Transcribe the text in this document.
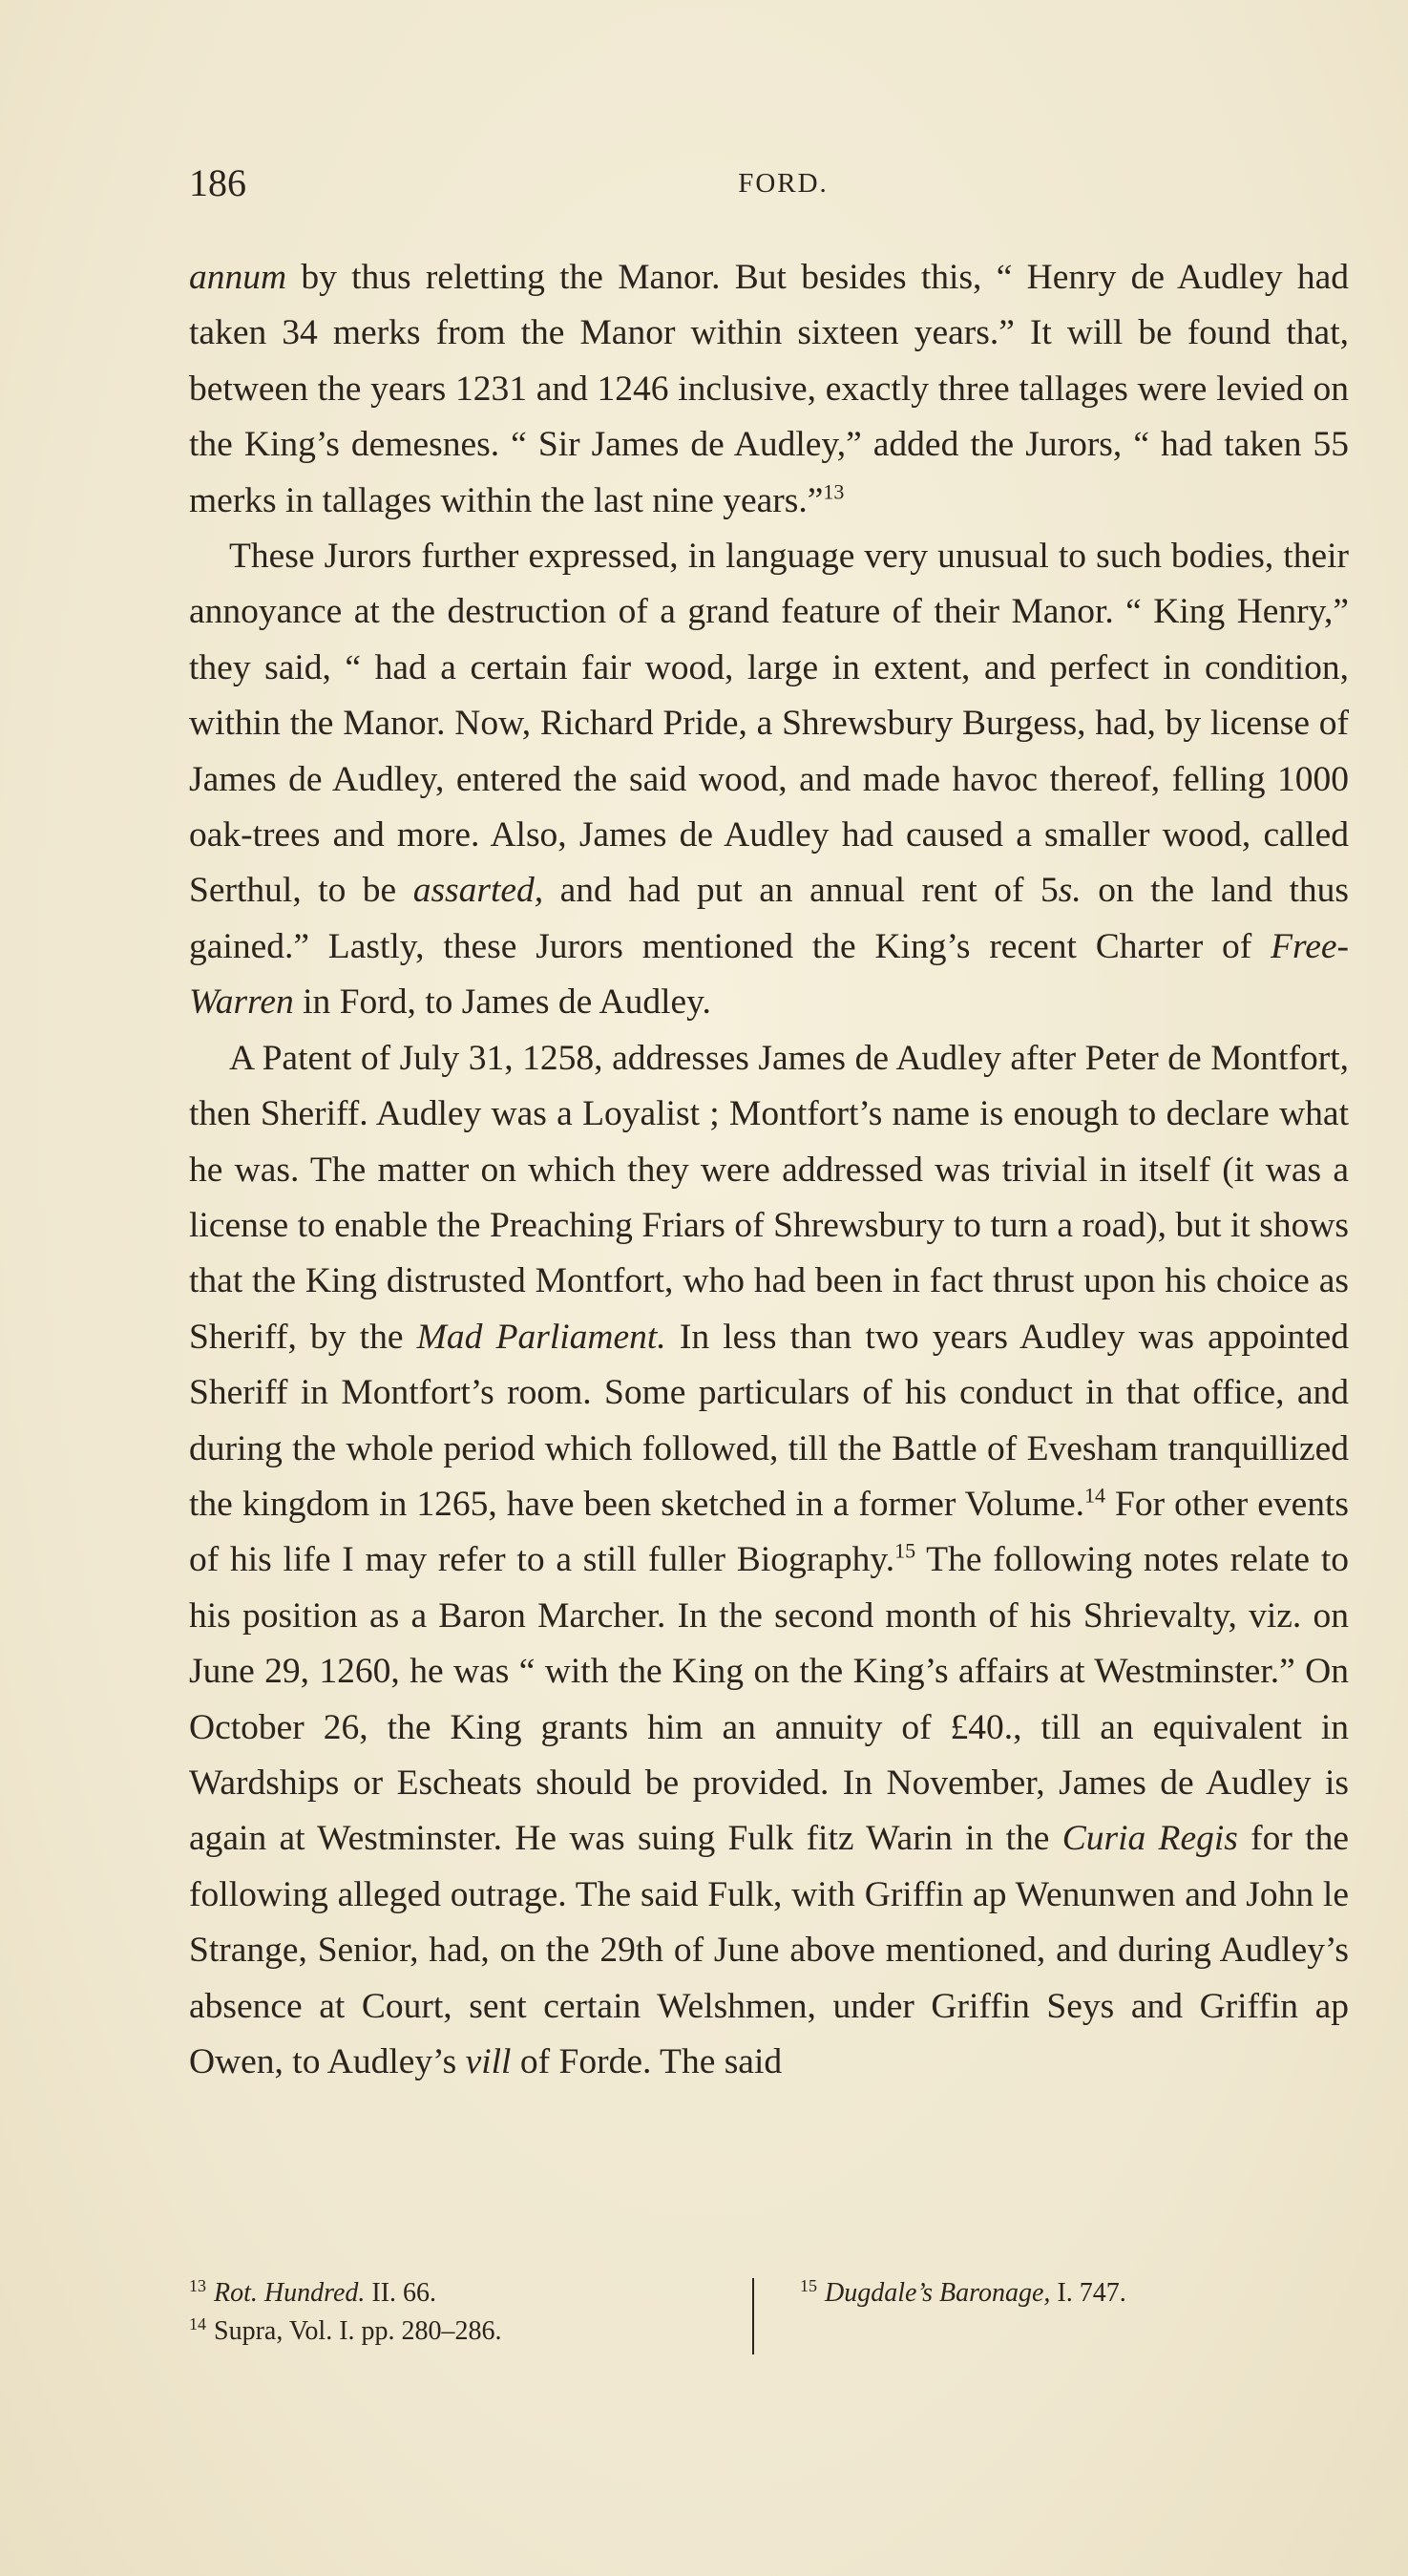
186	FORD.

annum by thus reletting the Manor. But besides this, “ Henry de Audley had taken 34 merks from the Manor within sixteen years.” It will be found that, between the years 1231 and 1246 inclusive, exactly three tallages were levied on the King’s demesnes. “ Sir James de Audley,” added the Jurors, “ had taken 55 merks in tallages within the last nine years.”$^{13}$

These Jurors further expressed, in language very unusual to such bodies, their annoyance at the destruction of a grand feature of their Manor. “ King Henry,” they said, “ had a certain fair wood, large in extent, and perfect in condition, within the Manor. Now, Richard Pride, a Shrewsbury Burgess, had, by license of James de Audley, entered the said wood, and made havoc thereof, felling 1000 oak-trees and more. Also, James de Audley had caused a smaller wood, called Serthul, to be assarted, and had put an annual rent of 5s. on the land thus gained.” Lastly, these Jurors mentioned the King’s recent Charter of Free-Warren in Ford, to James de Audley.

A Patent of July 31, 1258, addresses James de Audley after Peter de Montfort, then Sheriff. Audley was a Loyalist ; Montfort’s name is enough to declare what he was. The matter on which they were addressed was trivial in itself (it was a license to enable the Preaching Friars of Shrewsbury to turn a road), but it shows that the King distrusted Montfort, who had been in fact thrust upon his choice as Sheriff, by the Mad Parliament. In less than two years Audley was appointed Sheriff in Montfort’s room. Some particulars of his conduct in that office, and during the whole period which followed, till the Battle of Evesham tranquillized the kingdom in 1265, have been sketched in a former Volume.$^{14}$ For other events of his life I may refer to a still fuller Biography.$^{15}$ The following notes relate to his position as a Baron Marcher. In the second month of his Shrievalty, viz. on June 29, 1260, he was “ with the King on the King’s affairs at Westminster.” On October 26, the King grants him an annuity of £40., till an equivalent in Wardships or Escheats should be provided. In November, James de Audley is again at Westminster. He was suing Fulk fitz Warin in the Curia Regis for the following alleged outrage. The said Fulk, with Griffin ap Wenunwen and John le Strange, Senior, had, on the 29th of June above mentioned, and during Audley’s absence at Court, sent certain Welshmen, under Griffin Seys and Griffin ap Owen, to Audley’s vill of Forde. The said

$^{13}$ Rot. Hundred. II. 66.
$^{14}$ Supra, Vol. I. pp. 280–286.
$^{15}$ Dugdale’s Baronage, I. 747.
